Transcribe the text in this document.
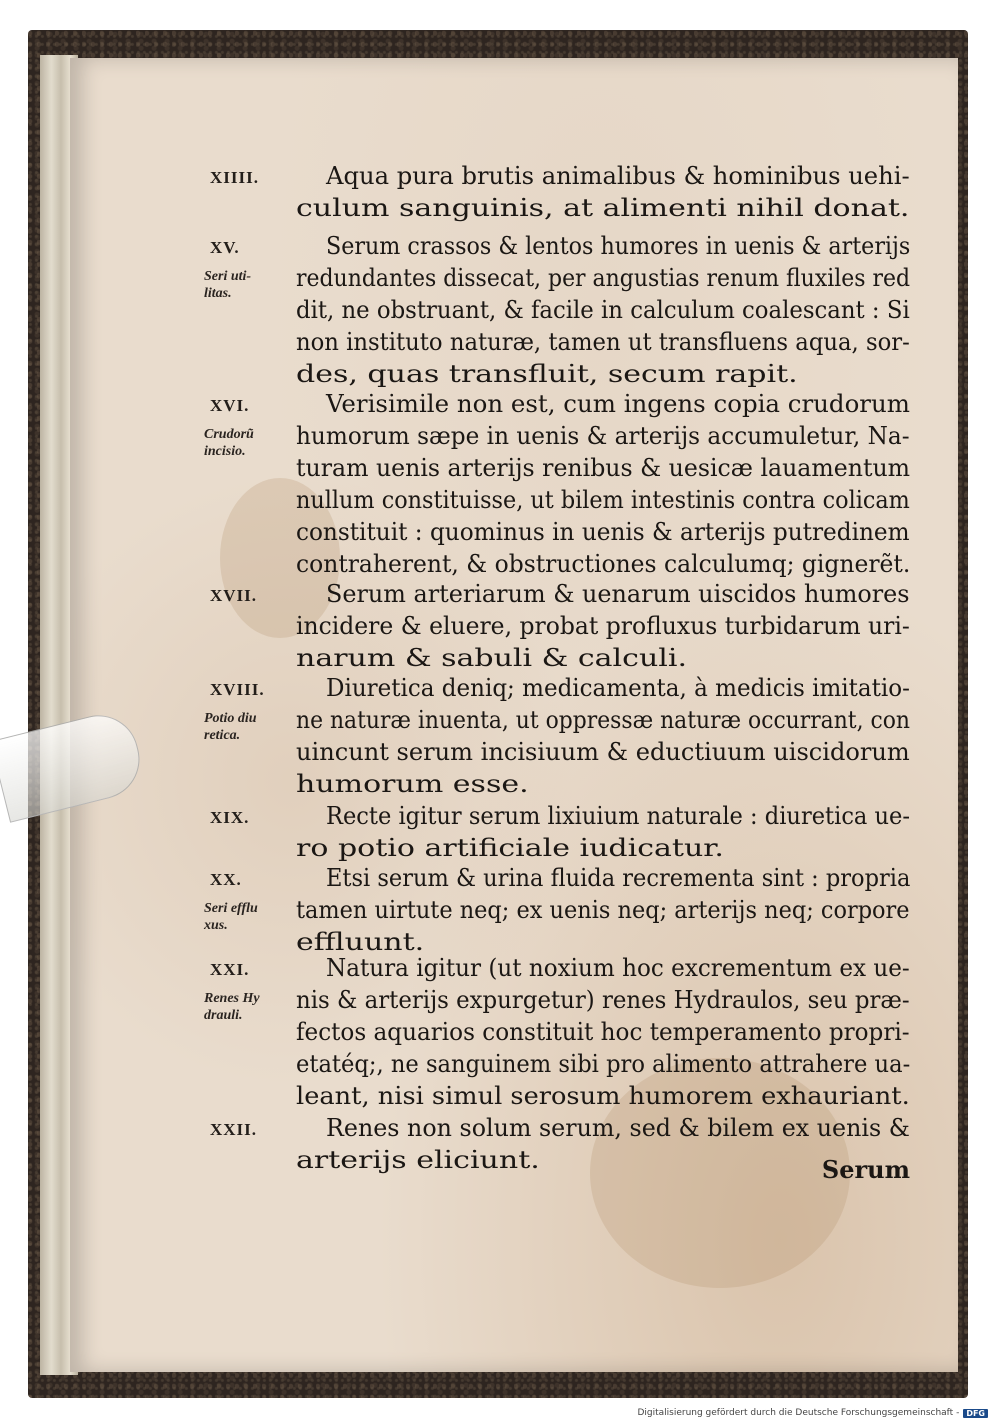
XIIII.	Aqua pura brutis animalibus & hominibus uehi-
culum sanguinis, at alimenti nihil donat.
XV.
Seri uti-
litas.
Serum crassos & lentos humores in uenis & arterijs
redundantes dissecat, per angustias renum fluxiles red
dit, ne obstruant, & facile in calculum coalescant : Si
non instituto naturæ, tamen ut transfluens aqua, sor-
des, quas transfluit, secum rapit.
XVI.
Crudorũ
incisio.
Verisimile non est, cum ingens copia crudorum
humorum sæpe in uenis & arterijs accumuletur, Na-
turam uenis arterijs renibus & uesicæ lauamentum
nullum constituisse, ut bilem intestinis contra colicam
constituit : quominus in uenis & arterijs putredinem
contraherent, & obstructiones calculumq; gignerẽt.
XVII.	Serum arteriarum & uenarum uiscidos humores
incidere & eluere, probat profluxus turbidarum uri-
narum & sabuli & calculi.
XVIII.
Potio diu
retica.
Diuretica deniq; medicamenta, à medicis imitatio-
ne naturæ inuenta, ut oppressæ naturæ occurrant, con
uincunt serum incisiuum & eductiuum uiscidorum
humorum esse.
XIX.	Recte igitur serum lixiuium naturale : diuretica ue-
ro potio artificiale iudicatur.
XX.
Seri efflu
xus.
Etsi serum & urina fluida recrementa sint : propria
tamen uirtute neq; ex uenis neq; arterijs neq; corpore
effluunt.
XXI.
Renes Hy
drauli.
Natura igitur (ut noxium hoc excrementum ex ue-
nis & arterijs expurgetur) renes Hydraulos, seu præ-
fectos aquarios constituit hoc temperamento propri-
etatéq;, ne sanguinem sibi pro alimento attrahere ua-
leant, nisi simul serosum humorem exhauriant.
XXII.	Renes non solum serum, sed & bilem ex uenis &
arterijs eliciunt.	Serum
Digitalisierung gefördert durch die Deutsche Forschungsgemeinschaft - DFG
